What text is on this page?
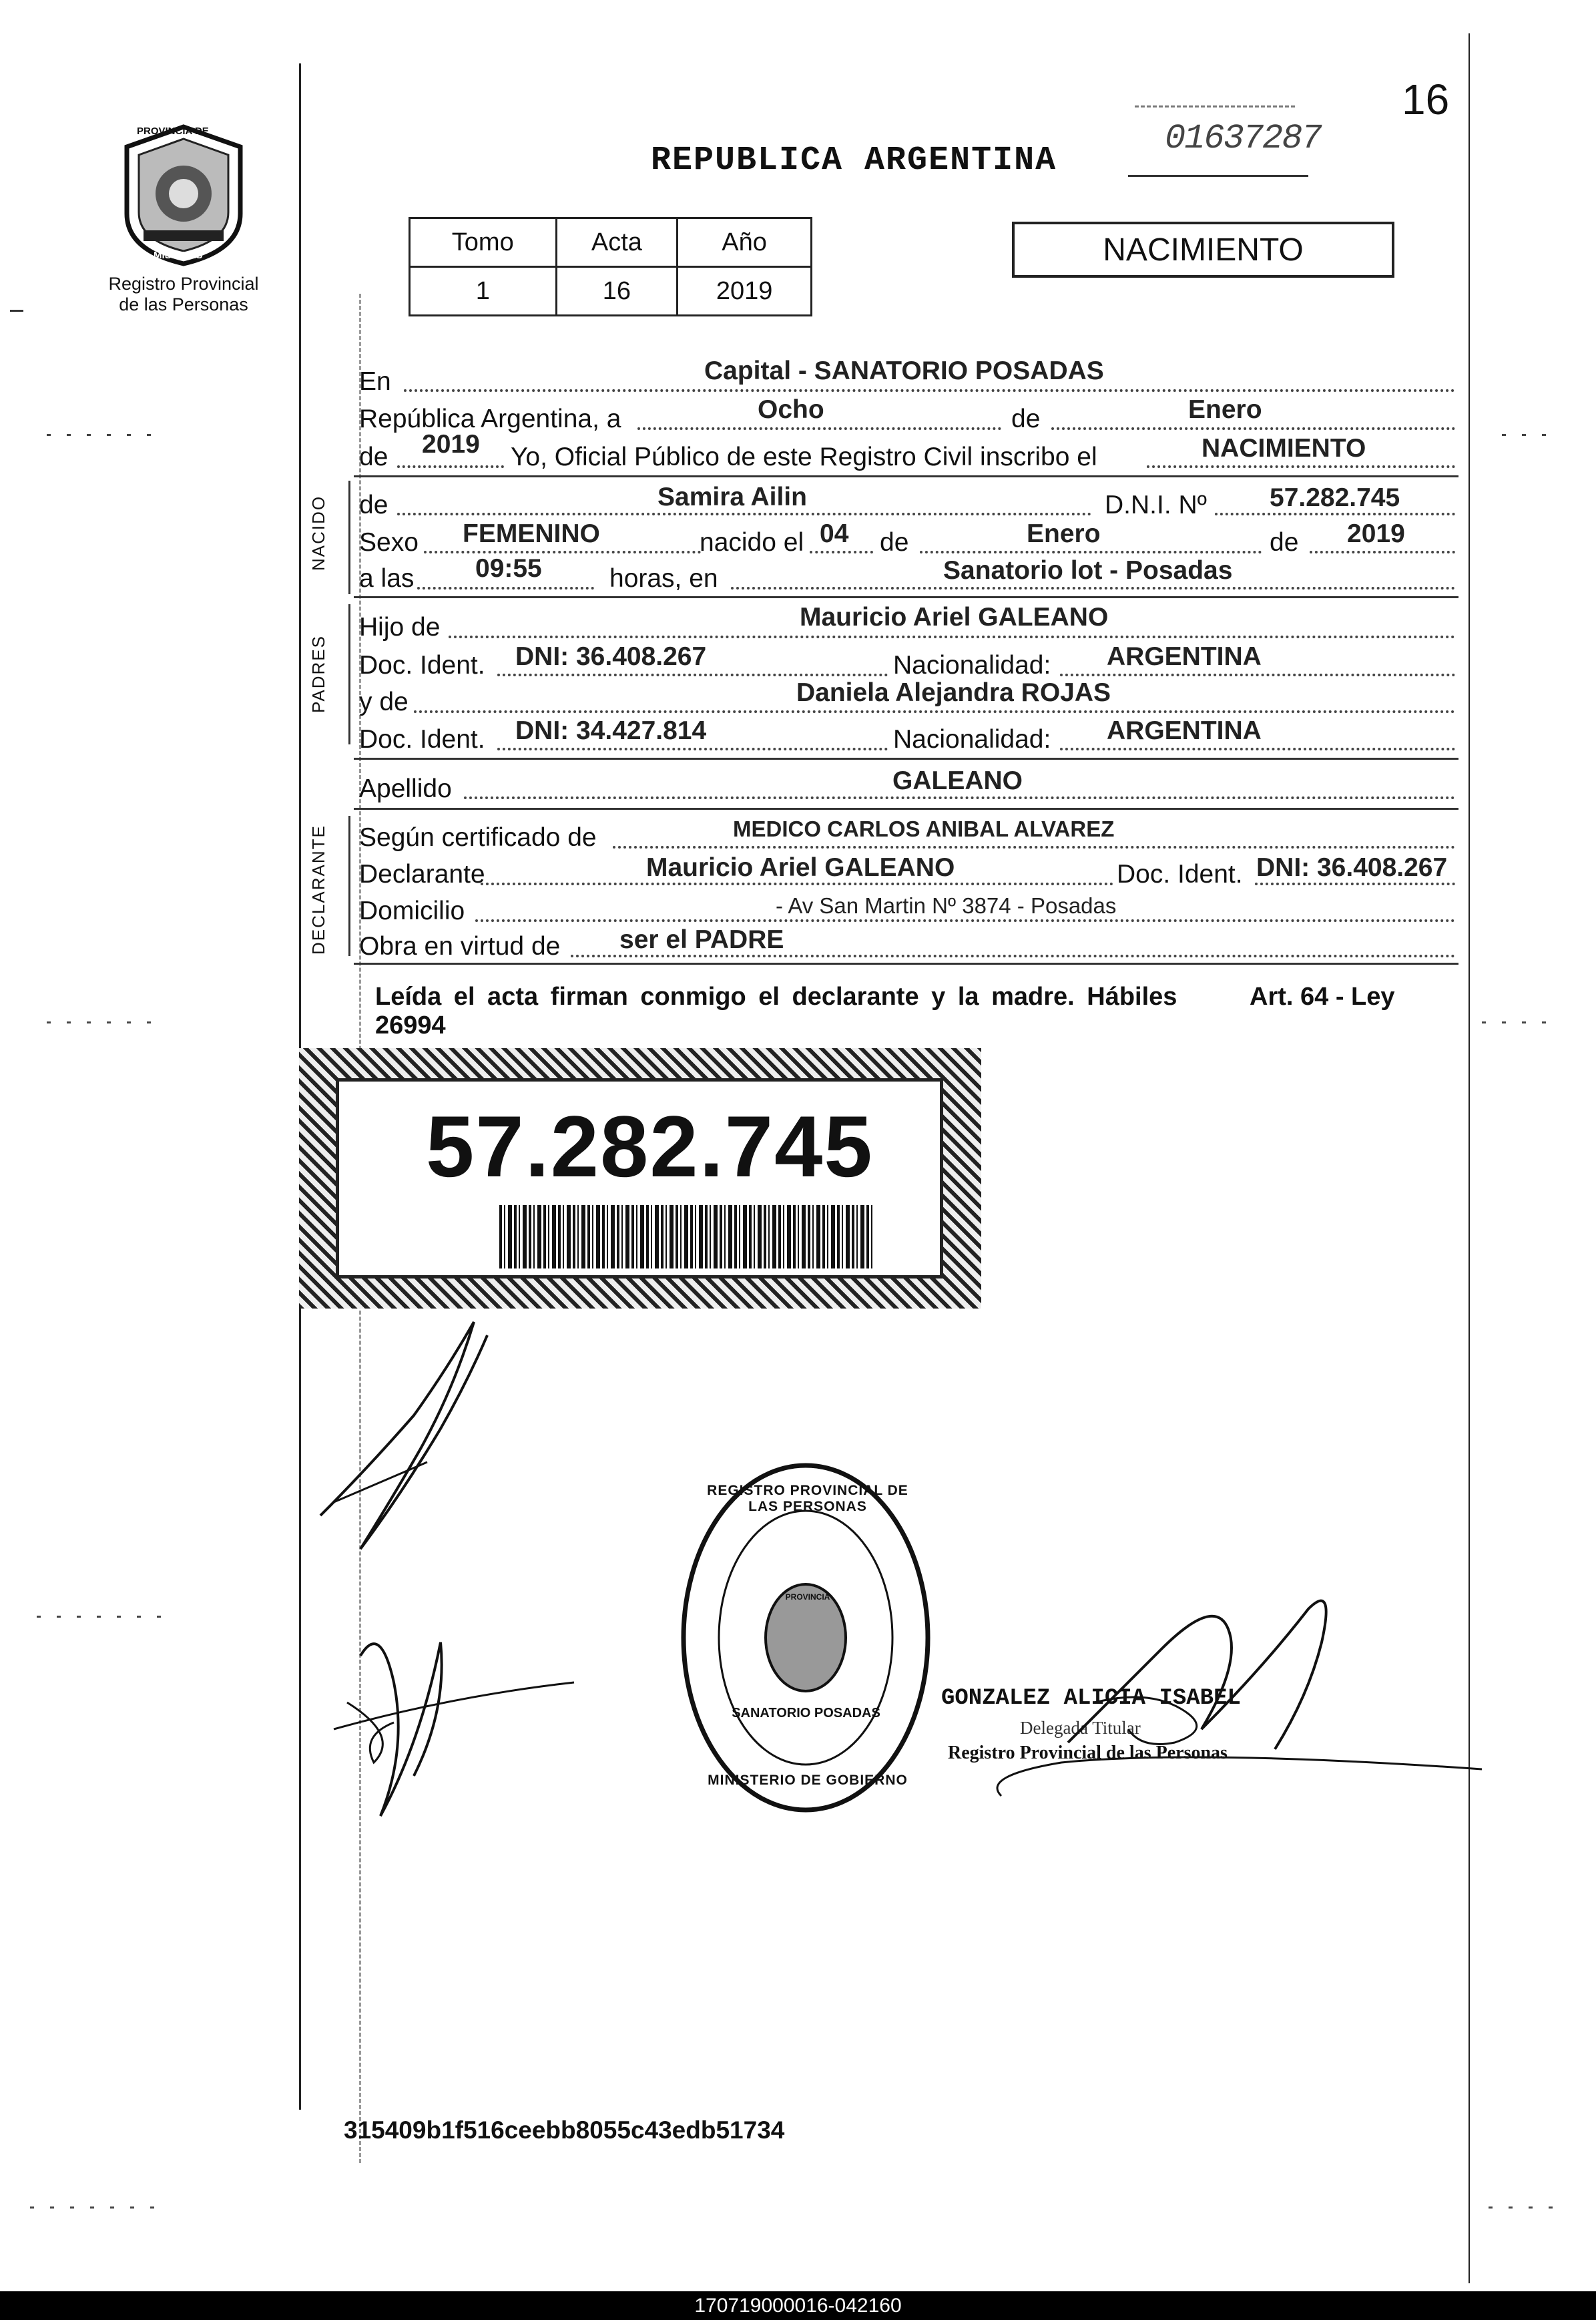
16
PROVINCIA DE
MISIONES
Registro Provincial
de las Personas
REPUBLICA ARGENTINA
01637287
Tomo	Acta	Año
1	16	2019
NACIMIENTO
En	Capital - SANATORIO POSADAS
República Argentina, a	Ocho	de	Enero
de 2019 Yo, Oficial Público de este Registro Civil inscribo el	NACIMIENTO
NACIDO de	Samira Ailin	D.N.I. Nº 57.282.745
Sexo FEMENINO	nacido el 04 de	Enero	de 2019
a las 09:55	horas, en	Sanatorio lot - Posadas
PADRES
Hijo de	Mauricio Ariel GALEANO
Doc. Ident. DNI: 36.408.267	Nacionalidad: ARGENTINA
y de	Daniela Alejandra ROJAS
Doc. Ident. DNI: 34.427.814	Nacionalidad: ARGENTINA
Apellido	GALEANO
DECLARANTE Según certificado de	MEDICO CARLOS ANIBAL ALVAREZ
Declarante	Mauricio Ariel GALEANO	Doc. Ident. DNI: 36.408.267
Domicilio	- Av San Martin Nº 3874 - Posadas
Obra en virtud de ser el PADRE
Leída el acta firman conmigo el declarante y la madre. Hábiles	Art. 64 - Ley
26994
57.282.745
REGISTRO PROVINCIAL DE LAS PERSONAS
SANATORIO POSADAS
MINISTERIO DE GOBIERNO
PROVINCIA
GONZALEZ ALICIA ISABEL
Delegada Titular
Registro Provincial de las Personas
315409b1f516ceebb8055c43edb51734
170719000016-042160
